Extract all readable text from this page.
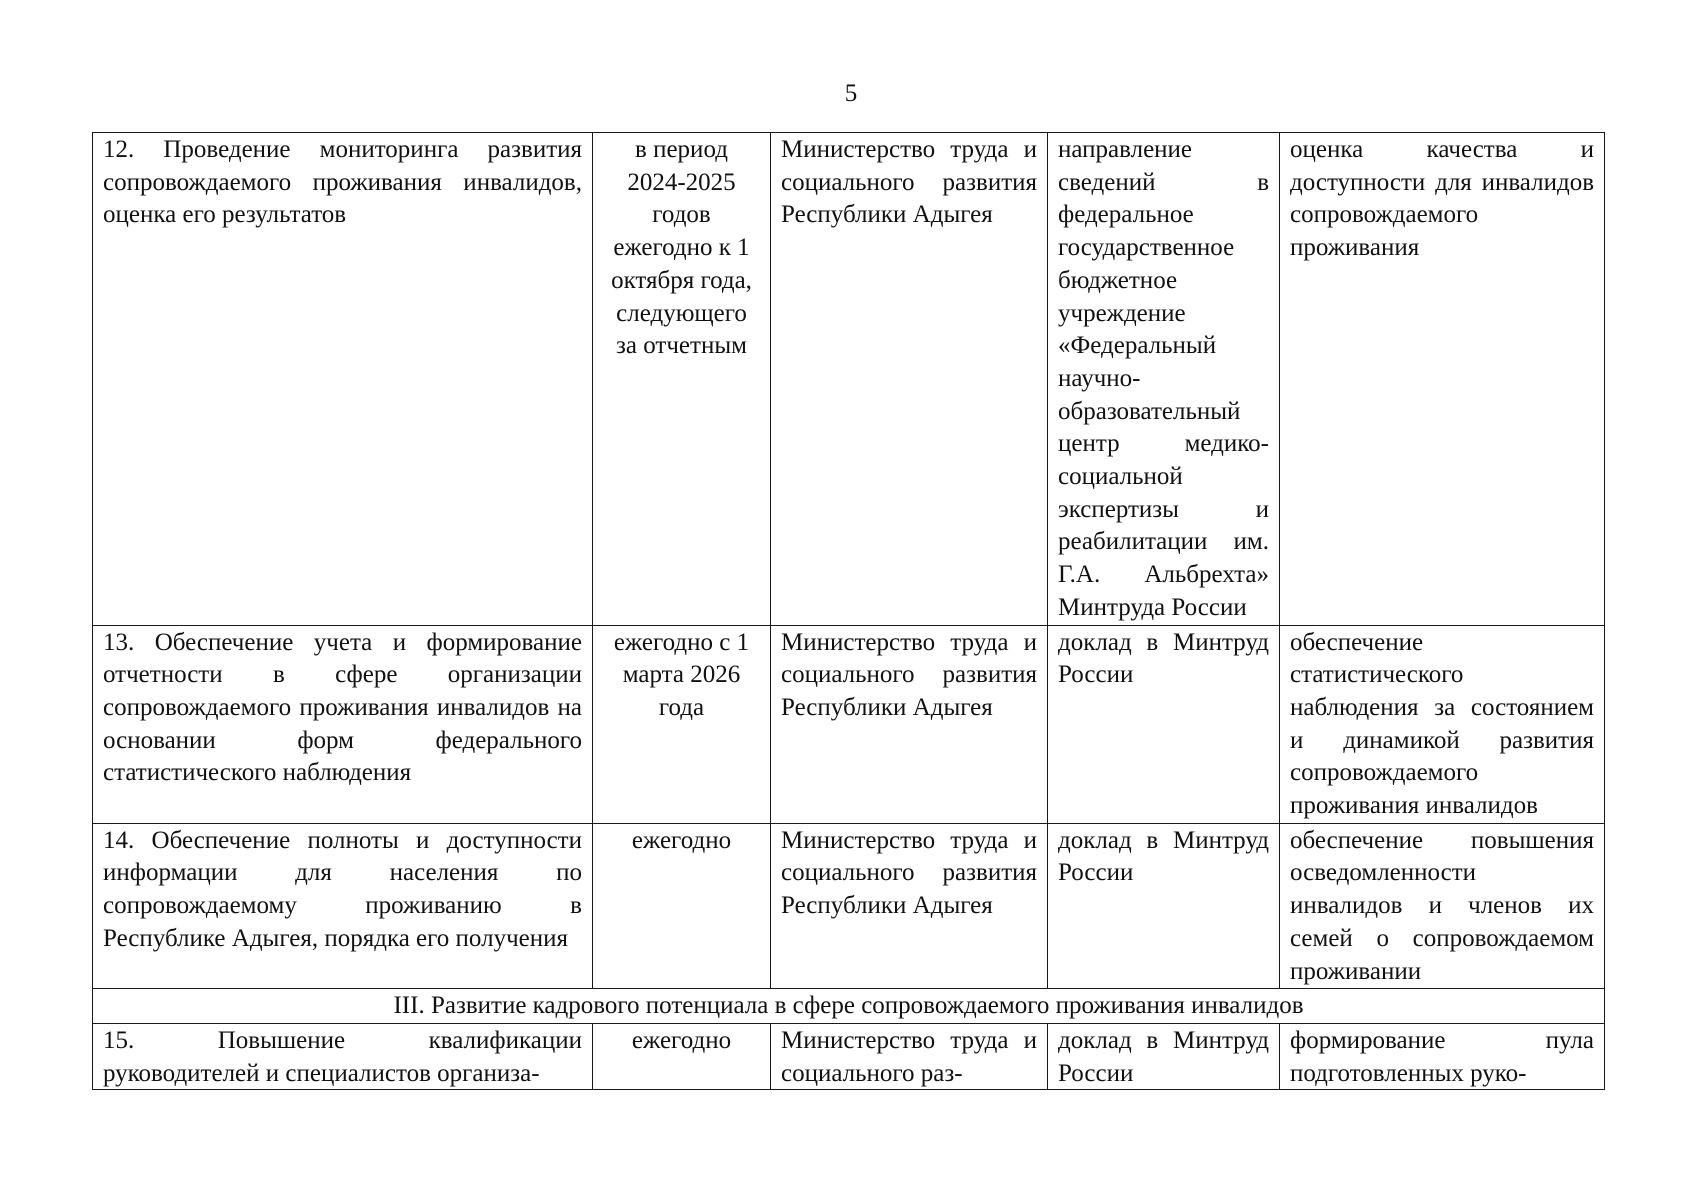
5
12. Проведение мониторинга развития сопровождаемого проживания инвалидов, оценка его результатов	в период 2024-2025 годов ежегодно к 1 октября года, следующего за отчетным	Министерство труда и социального развития Республики Адыгея	направление сведений в федеральное государственное бюджетное учреждение «Федеральный научно-образовательный центр медико-социальной экспертизы и реабилитации им. Г.А. Альбрехта» Минтруда России	оценка качества и доступности для инвалидов сопровождаемого проживания
13. Обеспечение учета и формирование отчетности в сфере организации сопровождаемого проживания инвалидов на основании форм федерального статистического наблюдения	ежегодно с 1 марта 2026 года	Министерство труда и социального развития Республики Адыгея	доклад в Минтруд России	обеспечение статистического наблюдения за состоянием и динамикой развития сопровождаемого проживания инвалидов
14. Обеспечение полноты и доступности информации для населения по сопровождаемому проживанию в Республике Адыгея, порядка его получения	ежегодно	Министерство труда и социального развития Республики Адыгея	доклад в Минтруд России	обеспечение повышения осведомленности инвалидов и членов их семей о сопровождаемом проживании
III. Развитие кадрового потенциала в сфере сопровождаемого проживания инвалидов				

15. Повышение квалификации руководителей и специалистов организа-	ежегодно	Министерство труда и социального раз-	доклад в Минтруд России	формирование пула подготовленных руко-
